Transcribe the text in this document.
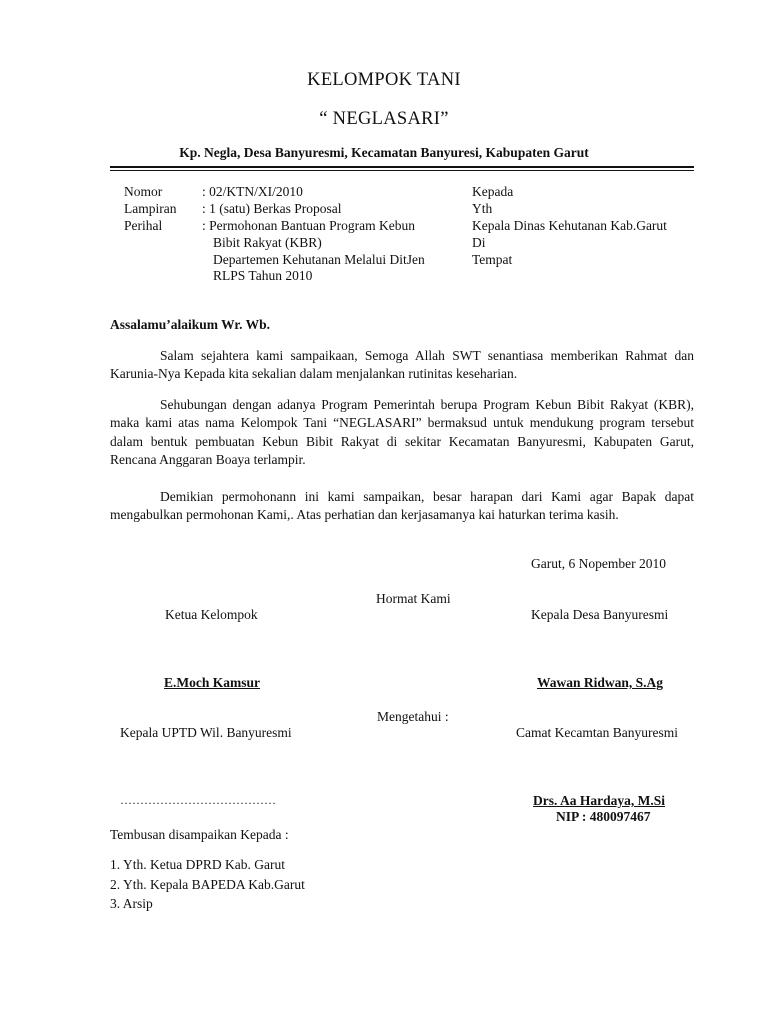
KELOMPOK TANI
“ NEGLASARI”
Kp. Negla, Desa Banyuresmi, Kecamatan Banyuresi, Kabupaten Garut
Nomor	: 02/KTN/XI/2010
Lampiran	: 1 (satu) Berkas Proposal
Perihal	: Permohonan Bantuan Program Kebun
	Bibit Rakyat (KBR)
	Departemen Kehutanan Melalui DitJen
RLPS Tahun 2010
Kepada
Yth
Kepala Dinas Kehutanan Kab.Garut
Di
Tempat
Assalamu’alaikum Wr. Wb.
Salam sejahtera kami sampaikaan, Semoga Allah SWT senantiasa memberikan Rahmat dan Karunia-Nya Kepada kita sekalian dalam menjalankan rutinitas keseharian.
Sehubungan dengan adanya Program Pemerintah berupa Program Kebun Bibit Rakyat (KBR), maka kami atas nama Kelompok Tani “NEGLASARI” bermaksud untuk mendukung program tersebut dalam bentuk pembuatan Kebun Bibit Rakyat di sekitar Kecamatan Banyuresmi, Kabupaten Garut, Rencana Anggaran Boaya terlampir.
Demikian permohonann ini kami sampaikan, besar harapan dari Kami agar Bapak dapat mengabulkan permohonan Kami,. Atas perhatian dan kerjasamanya kai haturkan terima kasih.
Garut, 6 Nopember 2010
Hormat Kami
Ketua Kelompok	Kepala Desa Banyuresmi
E.Moch Kamsur	Wawan Ridwan, S.Ag
Mengetahui :
Kepala UPTD Wil. Banyuresmi	Camat Kecamtan Banyuresmi
…………………………………	Drs. Aa Hardaya, M.Si
NIP : 480097467
Tembusan disampaikan Kepada :
1. Yth. Ketua DPRD Kab. Garut
2. Yth. Kepala BAPEDA Kab.Garut
3. Arsip
